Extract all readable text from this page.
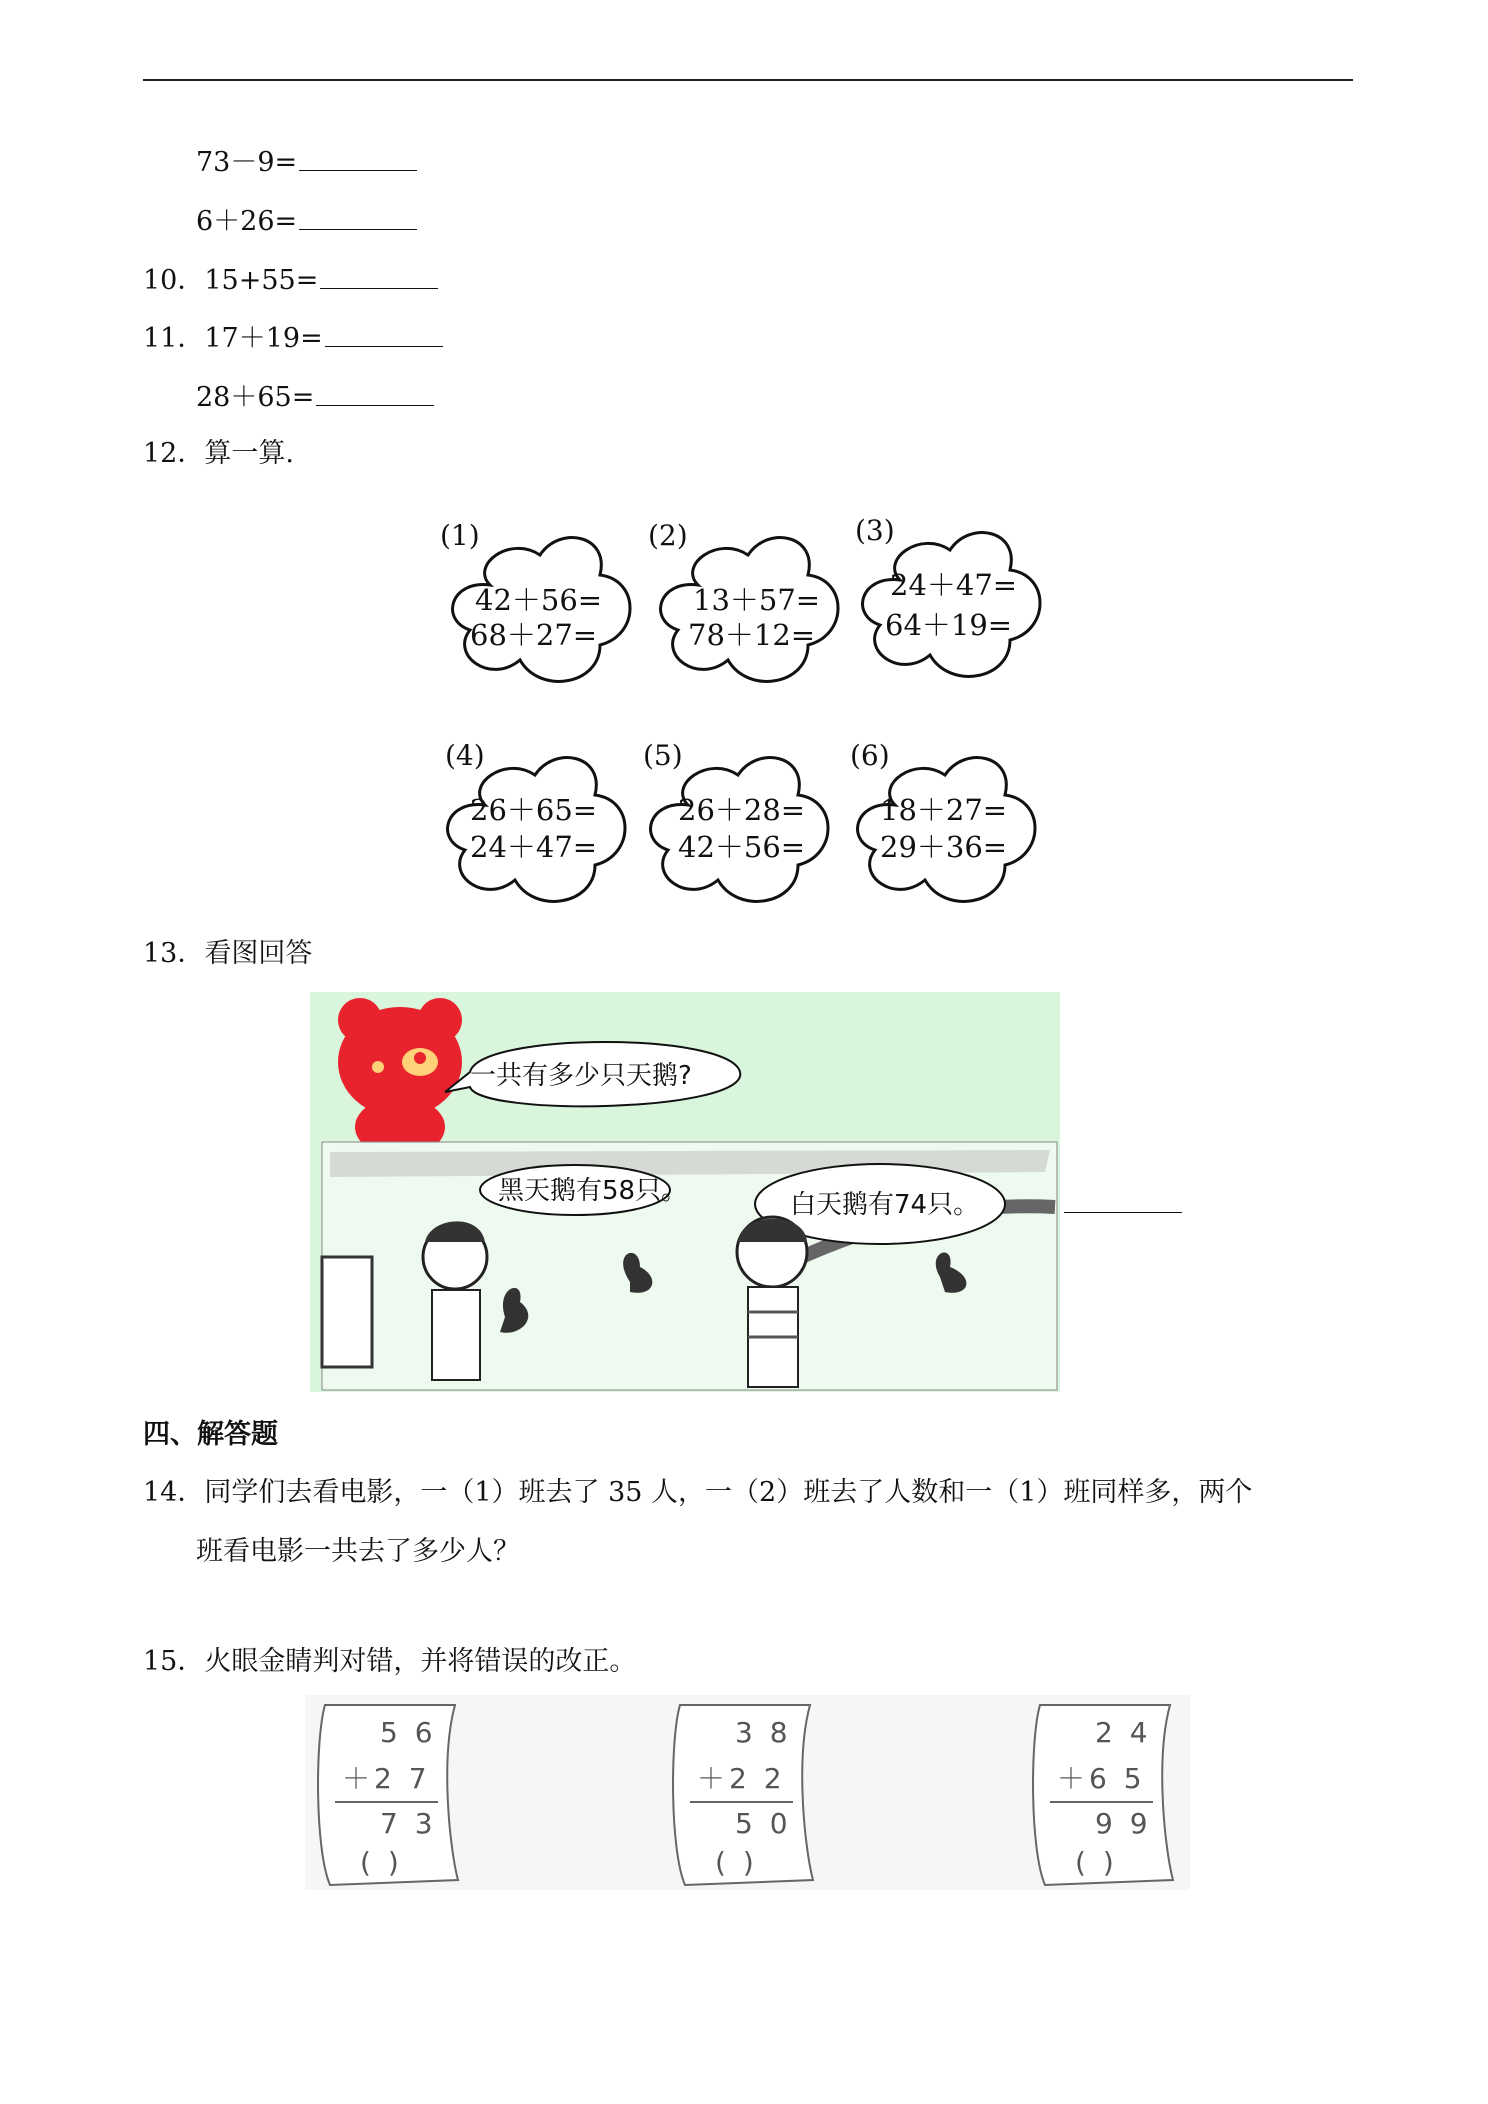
73－9=
6＋26=
10．15+55=
11．17＋19=
28＋65=
12．算一算.
(1)
42＋56=
68＋27=
(2)
13＋57=
78＋12=
(3)
24＋47=
64＋19=
(4)
26＋65=
24＋47=
(5)
26＋28=
42＋56=
(6)
18＋27=
29＋36=
13．看图回答
一共有多少只天鹅?
黑天鹅有58只。	白天鹅有74只。
四、解答题
14．同学们去看电影，一（1）班去了 35 人，一（2）班去了人数和一（1）班同样多，两个
班看电影一共去了多少人？
15．火眼金睛判对错，并将错误的改正。
5 6
＋2 7
7 3
( )
3 8
＋2 2
5 0
( )
2 4
＋6 5
9 9
( )
